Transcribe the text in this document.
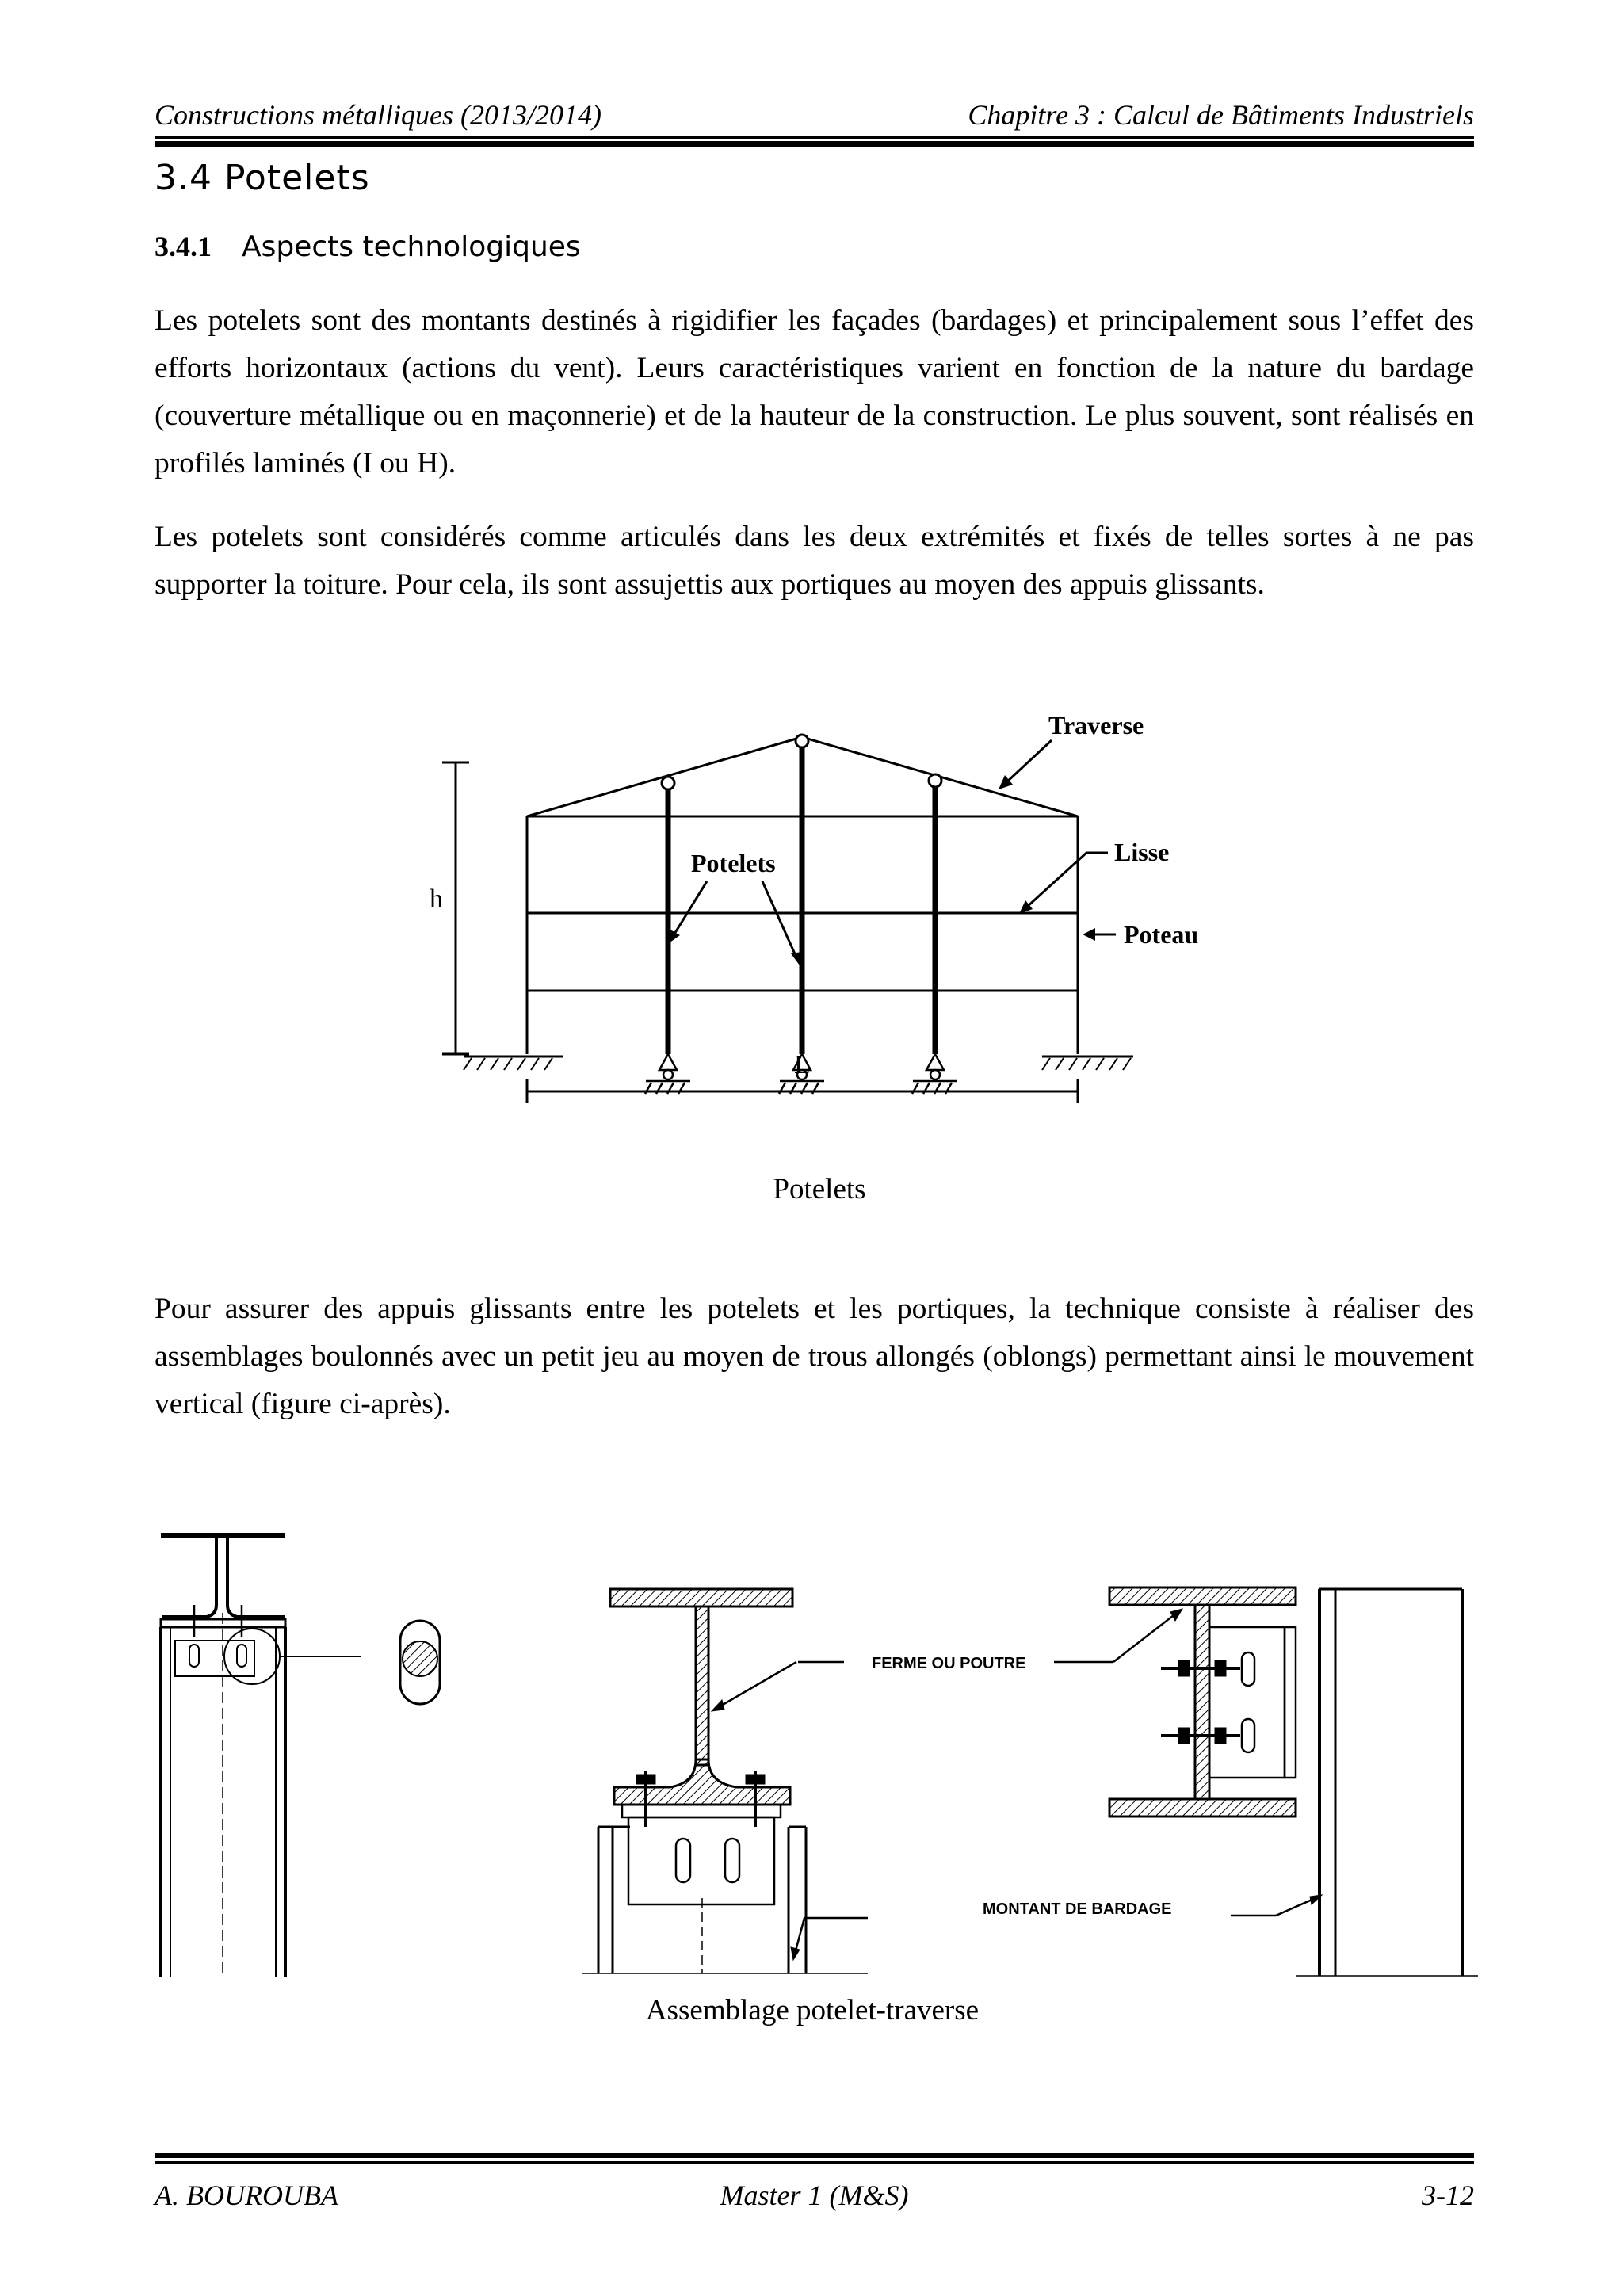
Constructions métalliques (2013/2014)	Chapitre 3 : Calcul de Bâtiments Industriels
3.4 Potelets
3.4.1 Aspects technologiques

Les potelets sont des montants destinés à rigidifier les façades (bardages) et principalement sous l’effet des efforts horizontaux (actions du vent). Leurs caractéristiques varient en fonction de la nature du bardage (couverture métallique ou en maçonnerie) et de la hauteur de la construction. Le plus souvent, sont réalisés en profilés laminés (I ou H).

Les potelets sont considérés comme articulés dans les deux extrémités et fixés de telles sortes à ne pas supporter la toiture. Pour cela, ils sont assujettis aux portiques au moyen des appuis glissants.

h
Potelets
Traverse
Lisse
Poteau
L
Potelets

Pour assurer des appuis glissants entre les potelets et les portiques, la technique consiste à réaliser des assemblages boulonnés avec un petit jeu au moyen de trous allongés (oblongs) permettant ainsi le mouvement vertical (figure ci-après).

FERME OU POUTRE
MONTANT DE BARDAGE
Assemblage potelet-traverse
A. BOUROUBA	Master 1 (M&S)	3-12
